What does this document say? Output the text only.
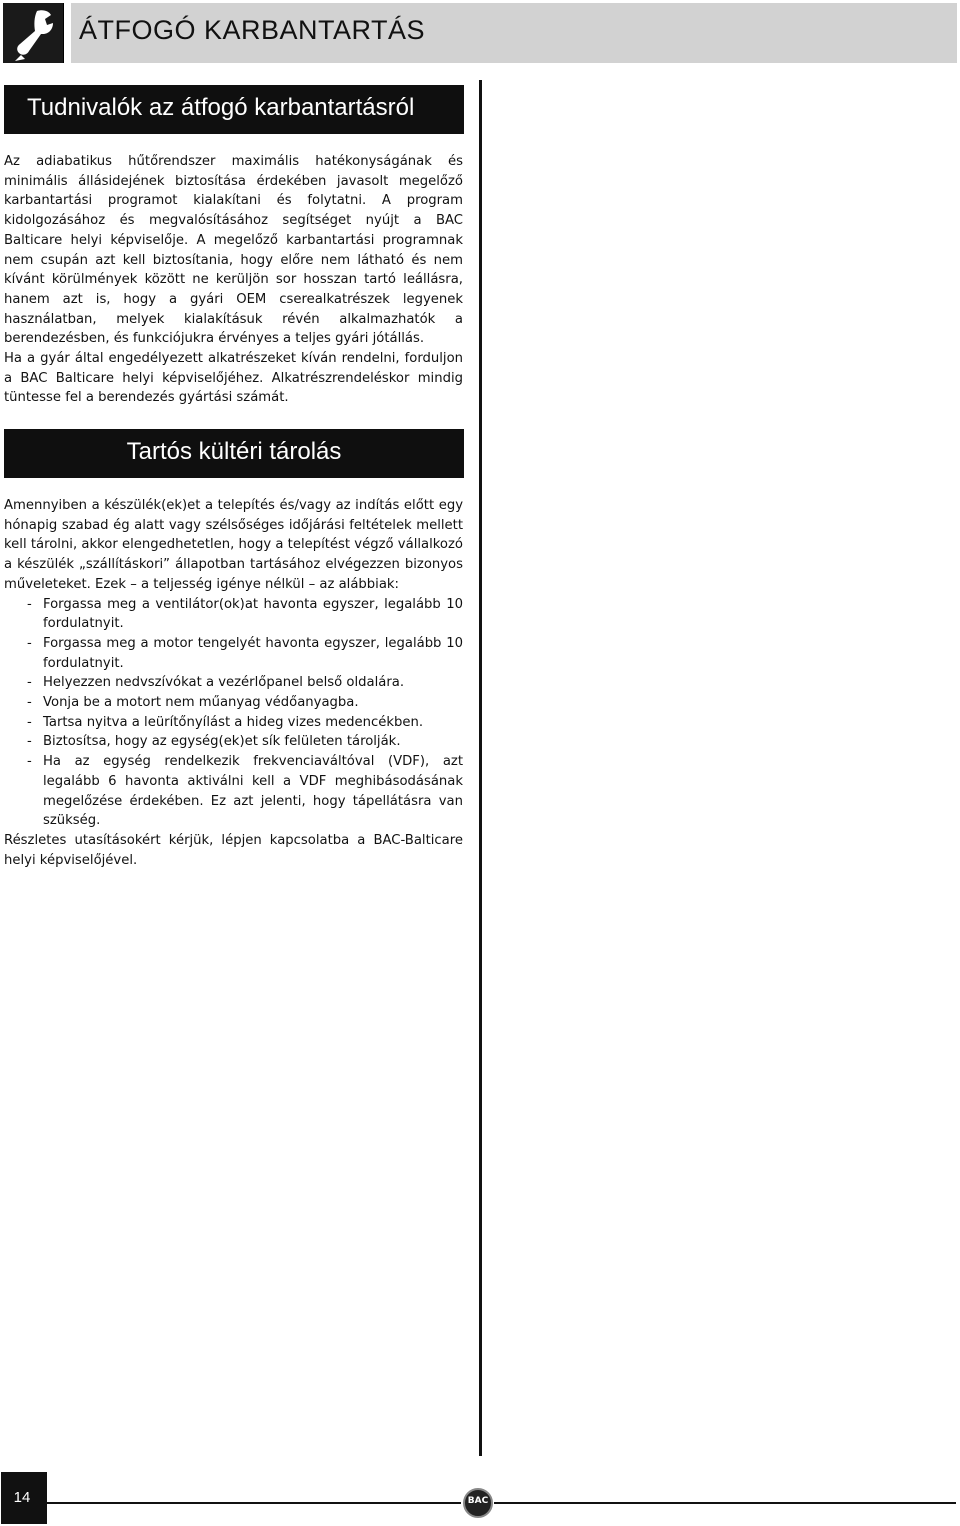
ÁTFOGÓ KARBANTARTÁS
Tudnivalók az átfogó karbantartásról

Az adiabatikus hűtőrendszer maximális hatékonyságának és minimális állásidejének biztosítása érdekében javasolt megelőző karbantartási programot kialakítani és folytatni. A program kidolgozásához és megvalósításához segítséget nyújt a BAC Balticare helyi képviselője. A megelőző karbantartási programnak nem csupán azt kell biztosítania, hogy előre nem látható és nem kívánt körülmények között ne kerüljön sor hosszan tartó leállásra, hanem azt is, hogy a gyári OEM cserealkatrészek legyenek használatban, melyek kialakításuk révén alkalmazhatók a berendezésben, és funkciójukra érvényes a teljes gyári jótállás.

Ha a gyár által engedélyezett alkatrészeket kíván rendelni, forduljon a BAC Balticare helyi képviselőjéhez. Alkatrészrendeléskor mindig tüntesse fel a berendezés gyártási számát.

Tartós kültéri tárolás

Amennyiben a készülék(ek)et a telepítés és/vagy az indítás előtt egy hónapig szabad ég alatt vagy szélsőséges időjárási feltételek mellett kell tárolni, akkor elengedhetetlen, hogy a telepítést végző vállalkozó a készülék „szállításkori” állapotban tartásához elvégezzen bizonyos műveleteket. Ezek – a teljesség igénye nélkül – az alábbiak:

- Forgassa meg a ventilátor(ok)at havonta egyszer, legalább 10 fordulatnyit.
- Forgassa meg a motor tengelyét havonta egyszer, legalább 10 fordulatnyit.
- Helyezzen nedvszívókat a vezérlőpanel belső oldalára.
- Vonja be a motort nem műanyag védőanyagba.
- Tartsa nyitva a leürítőnyílást a hideg vizes medencékben.
- Biztosítsa, hogy az egység(ek)et sík felületen tárolják.
- Ha az egység rendelkezik frekvenciaváltóval (VDF), azt legalább 6 havonta aktiválni kell a VDF meghibásodásának megelőzése érdekében. Ez azt jelenti, hogy tápellátásra van szükség.

Részletes utasításokért kérjük, lépjen kapcsolatba a BAC-Balticare helyi képviselőjével.

14	BAC
